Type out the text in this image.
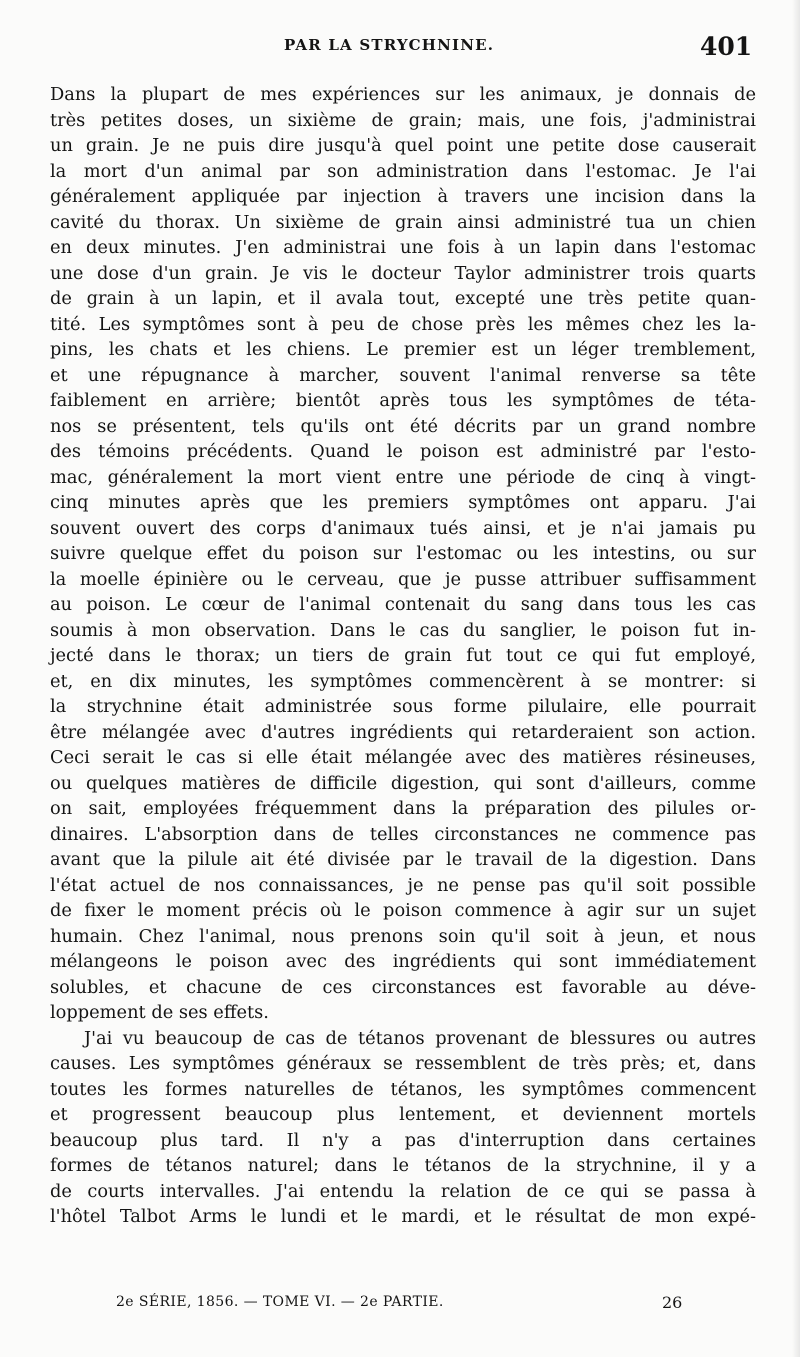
PAR LA STRYCHNINE.	401
Dans la plupart de mes expériences sur les animaux, je donnais de
très petites doses, un sixième de grain; mais, une fois, j'administrai
un grain. Je ne puis dire jusqu'à quel point une petite dose causerait
la mort d'un animal par son administration dans l'estomac. Je l'ai
généralement appliquée par injection à travers une incision dans la
cavité du thorax. Un sixième de grain ainsi administré tua un chien
en deux minutes. J'en administrai une fois à un lapin dans l'estomac
une dose d'un grain. Je vis le docteur Taylor administrer trois quarts
de grain à un lapin, et il avala tout, excepté une très petite quan-
tité. Les symptômes sont à peu de chose près les mêmes chez les la-
pins, les chats et les chiens. Le premier est un léger tremblement,
et une répugnance à marcher, souvent l'animal renverse sa tête
faiblement en arrière; bientôt après tous les symptômes de téta-
nos se présentent, tels qu'ils ont été décrits par un grand nombre
des témoins précédents. Quand le poison est administré par l'esto-
mac, généralement la mort vient entre une période de cinq à vingt-
cinq minutes après que les premiers symptômes ont apparu. J'ai
souvent ouvert des corps d'animaux tués ainsi, et je n'ai jamais pu
suivre quelque effet du poison sur l'estomac ou les intestins, ou sur
la moelle épinière ou le cerveau, que je pusse attribuer suffisamment
au poison. Le cœur de l'animal contenait du sang dans tous les cas
soumis à mon observation. Dans le cas du sanglier, le poison fut in-
jecté dans le thorax; un tiers de grain fut tout ce qui fut employé,
et, en dix minutes, les symptômes commencèrent à se montrer: si
la strychnine était administrée sous forme pilulaire, elle pourrait
être mélangée avec d'autres ingrédients qui retarderaient son action.
Ceci serait le cas si elle était mélangée avec des matières résineuses,
ou quelques matières de difficile digestion, qui sont d'ailleurs, comme
on sait, employées fréquemment dans la préparation des pilules or-
dinaires. L'absorption dans de telles circonstances ne commence pas
avant que la pilule ait été divisée par le travail de la digestion. Dans
l'état actuel de nos connaissances, je ne pense pas qu'il soit possible
de fixer le moment précis où le poison commence à agir sur un sujet
humain. Chez l'animal, nous prenons soin qu'il soit à jeun, et nous
mélangeons le poison avec des ingrédients qui sont immédiatement
solubles, et chacune de ces circonstances est favorable au déve-
loppement de ses effets.
J'ai vu beaucoup de cas de tétanos provenant de blessures ou autres
causes. Les symptômes généraux se ressemblent de très près; et, dans
toutes les formes naturelles de tétanos, les symptômes commencent
et progressent beaucoup plus lentement, et deviennent mortels
beaucoup plus tard. Il n'y a pas d'interruption dans certaines
formes de tétanos naturel; dans le tétanos de la strychnine, il y a
de courts intervalles. J'ai entendu la relation de ce qui se passa à
l'hôtel Talbot Arms le lundi et le mardi, et le résultat de mon expé-
2e SÉRIE, 1856. — TOME VI. — 2e PARTIE.	26
